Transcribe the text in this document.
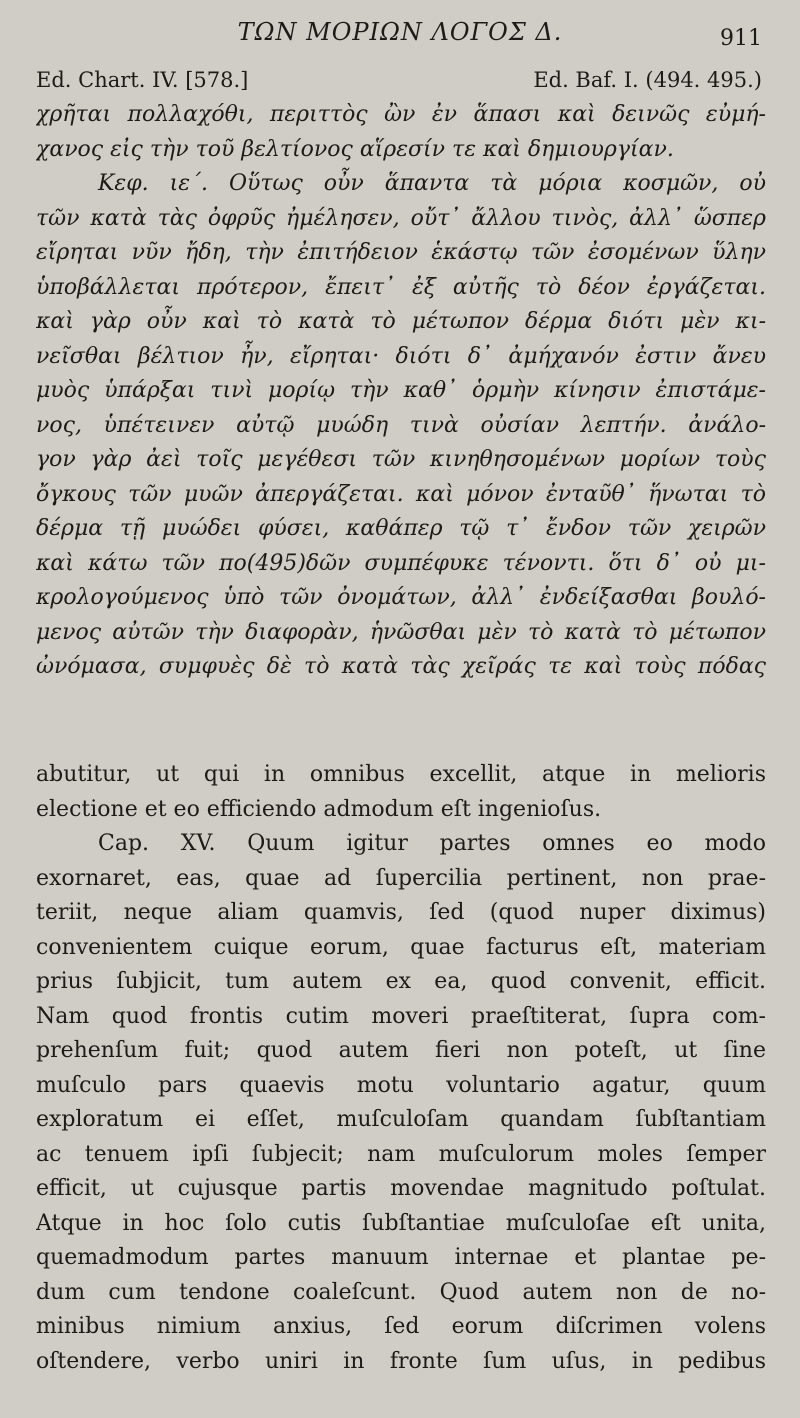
ΤΩΝ ΜΟΡΙΩΝ ΛΟΓΟΣ Δ.	911
Ed. Chart. IV. [578.]	Ed. Baf. I. (494. 495.)
χρῆται πολλαχόθι, περιττὸς ὢν ἐν ἅπασι καὶ δεινῶς εὐμή-
χανος εἰς τὴν τοῦ βελτίονος αἵρεσίν τε καὶ δημιουργίαν.
Κεφ. ιε΄. Οὕτως οὖν ἅπαντα τὰ μόρια κοσμῶν, οὐ
τῶν κατὰ τὰς ὀφρῦς ἠμέλησεν, οὔτ᾽ ἄλλου τινὸς, ἀλλ᾽ ὥσπερ
εἴρηται νῦν ἤδη, τὴν ἐπιτήδειον ἑκάστῳ τῶν ἐσομένων ὕλην
ὑποβάλλεται πρότερον, ἔπειτ᾽ ἐξ αὐτῆς τὸ δέον ἐργάζεται.
καὶ γὰρ οὖν καὶ τὸ κατὰ τὸ μέτωπον δέρμα διότι μὲν κι-
νεῖσθαι βέλτιον ἦν, εἴρηται· διότι δ᾽ ἀμήχανόν ἐστιν ἄνευ
μυὸς ὑπάρξαι τινὶ μορίῳ τὴν καθ᾽ ὁρμὴν κίνησιν ἐπιστάμε-
νος, ὑπέτεινεν αὐτῷ μυώδη τινὰ οὐσίαν λεπτήν. ἀνάλο-
γον γὰρ ἀεὶ τοῖς μεγέθεσι τῶν κινηθησομένων μορίων τοὺς
ὄγκους τῶν μυῶν ἀπεργάζεται. καὶ μόνον ἐνταῦθ᾽ ἥνωται τὸ
δέρμα τῇ μυώδει φύσει, καθάπερ τῷ τ᾽ ἔνδον τῶν χειρῶν
καὶ κάτω τῶν πο(495)δῶν συμπέφυκε τένοντι. ὅτι δ᾽ οὐ μι-
κρολογούμενος ὑπὸ τῶν ὀνομάτων, ἀλλ᾽ ἐνδείξασθαι βουλό-
μενος αὐτῶν τὴν διαφορὰν, ἡνῶσθαι μὲν τὸ κατὰ τὸ μέτωπον
ὠνόμασα, συμφυὲς δὲ τὸ κατὰ τὰς χεῖράς τε καὶ τοὺς πόδας
abutitur, ut qui in omnibus excellit, atque in melioris
electione et eo efficiendo admodum eſt ingenioſus.
Cap. XV. Quum igitur partes omnes eo modo
exornaret, eas, quae ad ſupercilia pertinent, non prae-
teriit, neque aliam quamvis, ſed (quod nuper diximus)
convenientem cuique eorum, quae facturus eſt, materiam
prius ſubjicit, tum autem ex ea, quod convenit, efficit.
Nam quod frontis cutim moveri praeſtiterat, ſupra com-
prehenſum fuit; quod autem fieri non poteſt, ut ſine
muſculo pars quaevis motu voluntario agatur, quum
exploratum ei eſſet, muſculoſam quandam ſubſtantiam
ac tenuem ipſi ſubjecit; nam muſculorum moles ſemper
efficit, ut cujusque partis movendae magnitudo poſtulat.
Atque in hoc ſolo cutis ſubſtantiae muſculoſae eſt unita,
quemadmodum partes manuum internae et plantae pe-
dum cum tendone coaleſcunt. Quod autem non de no-
minibus nimium anxius, ſed eorum diſcrimen volens
oſtendere, verbo uniri in fronte ſum uſus, in pedibus
